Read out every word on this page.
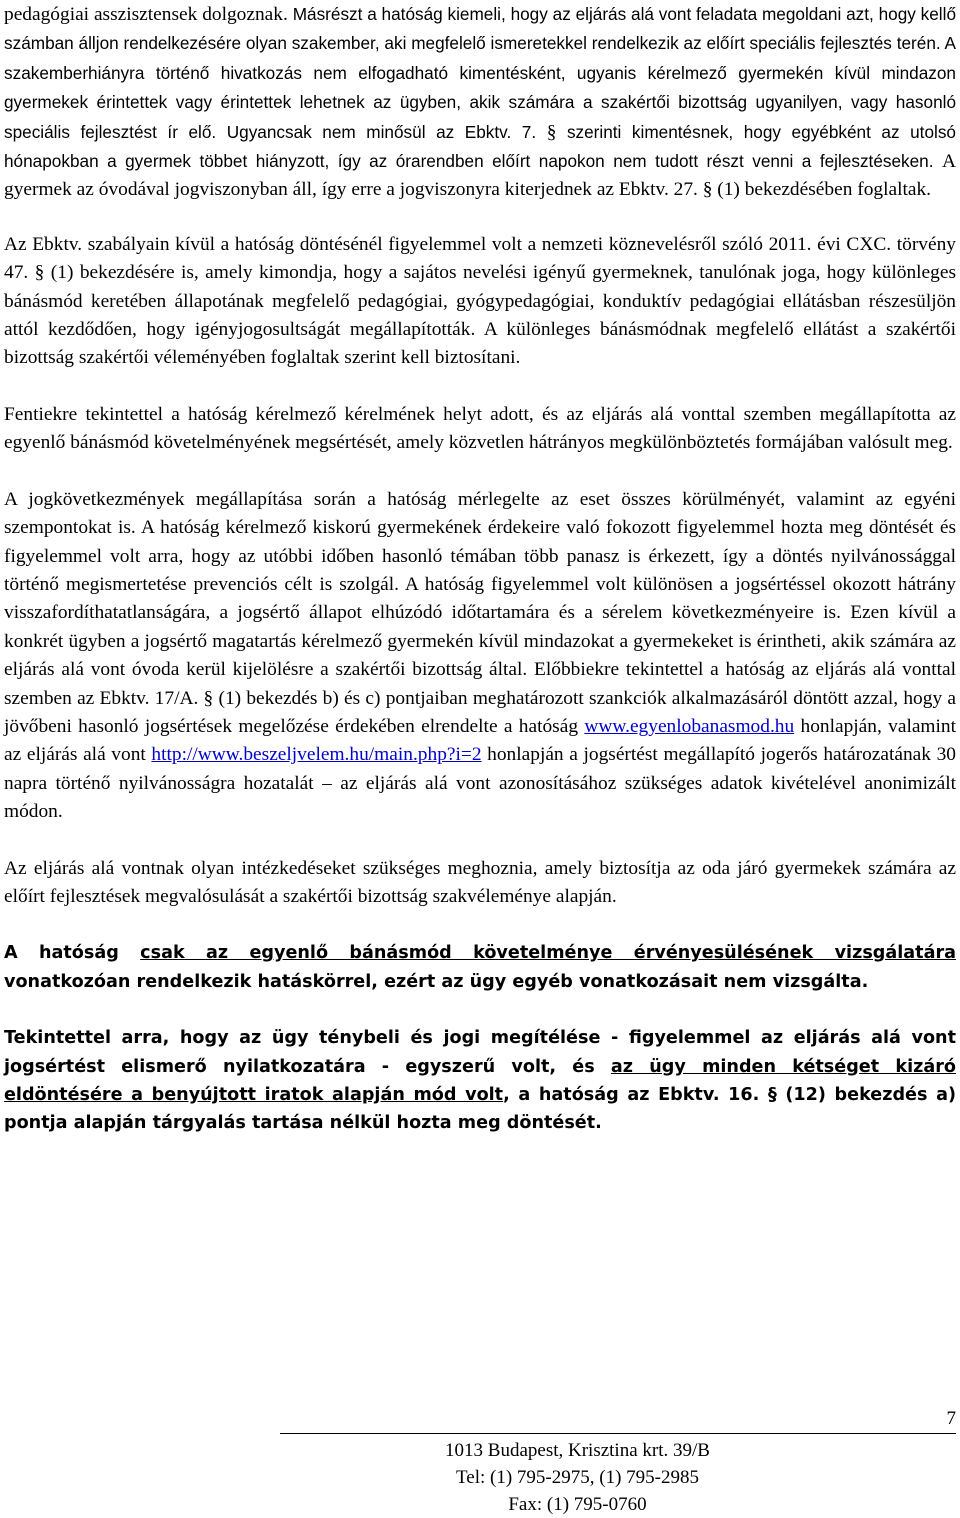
pedagógiai asszisztensek dolgoznak. Másrészt a hatóság kiemeli, hogy az eljárás alá vont feladata megoldani azt, hogy kellő számban álljon rendelkezésére olyan szakember, aki megfelelő ismeretekkel rendelkezik az előírt speciális fejlesztés terén. A szakemberhiányra történő hivatkozás nem elfogadható kimentésként, ugyanis kérelmező gyermekén kívül mindazon gyermekek érintettek vagy érintettek lehetnek az ügyben, akik számára a szakértői bizottság ugyanilyen, vagy hasonló speciális fejlesztést ír elő. Ugyancsak nem minősül az Ebktv. 7. § szerinti kimentésnek, hogy egyébként az utolsó hónapokban a gyermek többet hiányzott, így az órarendben előírt napokon nem tudott részt venni a fejlesztéseken. A gyermek az óvodával jogviszonyban áll, így erre a jogviszonyra kiterjednek az Ebktv. 27. § (1) bekezdésében foglaltak.

Az Ebktv. szabályain kívül a hatóság döntésénél figyelemmel volt a nemzeti köznevelésről szóló 2011. évi CXC. törvény 47. § (1) bekezdésére is, amely kimondja, hogy a sajátos nevelési igényű gyermeknek, tanulónak joga, hogy különleges bánásmód keretében állapotának megfelelő pedagógiai, gyógypedagógiai, konduktív pedagógiai ellátásban részesüljön attól kezdődően, hogy igényjogosultságát megállapították. A különleges bánásmódnak megfelelő ellátást a szakértői bizottság szakértői véleményében foglaltak szerint kell biztosítani.

Fentiekre tekintettel a hatóság kérelmező kérelmének helyt adott, és az eljárás alá vonttal szemben megállapította az egyenlő bánásmód követelményének megsértését, amely közvetlen hátrányos megkülönböztetés formájában valósult meg.

A jogkövetkezmények megállapítása során a hatóság mérlegelte az eset összes körülményét, valamint az egyéni szempontokat is. A hatóság kérelmező kiskorú gyermekének érdekeire való fokozott figyelemmel hozta meg döntését és figyelemmel volt arra, hogy az utóbbi időben hasonló témában több panasz is érkezett, így a döntés nyilvánossággal történő megismertetése prevenciós célt is szolgál. A hatóság figyelemmel volt különösen a jogsértéssel okozott hátrány visszafordíthatatlanságára, a jogsértő állapot elhúzódó időtartamára és a sérelem következményeire is. Ezen kívül a konkrét ügyben a jogsértő magatartás kérelmező gyermekén kívül mindazokat a gyermekeket is érintheti, akik számára az eljárás alá vont óvoda kerül kijelölésre a szakértői bizottság által. Előbbiekre tekintettel a hatóság az eljárás alá vonttal szemben az Ebktv. 17/A. § (1) bekezdés b) és c) pontjaiban meghatározott szankciók alkalmazásáról döntött azzal, hogy a jövőbeni hasonló jogsértések megelőzése érdekében elrendelte a hatóság www.egyenlobanasmod.hu honlapján, valamint az eljárás alá vont http://www.beszeljvelem.hu/main.php?i=2 honlapján a jogsértést megállapító jogerős határozatának 30 napra történő nyilvánosságra hozatalát – az eljárás alá vont azonosításához szükséges adatok kivételével anonimizált módon.

Az eljárás alá vontnak olyan intézkedéseket szükséges meghoznia, amely biztosítja az oda járó gyermekek számára az előírt fejlesztések megvalósulását a szakértői bizottság szakvéleménye alapján.

A hatóság csak az egyenlő bánásmód követelménye érvényesülésének vizsgálatára vonatkozóan rendelkezik hatáskörrel, ezért az ügy egyéb vonatkozásait nem vizsgálta.

Tekintettel arra, hogy az ügy ténybeli és jogi megítélése - figyelemmel az eljárás alá vont jogsértést elismerő nyilatkozatára - egyszerű volt, és az ügy minden kétséget kizáró eldöntésére a benyújtott iratok alapján mód volt, a hatóság az Ebktv. 16. § (12) bekezdés a) pontja alapján tárgyalás tartása nélkül hozta meg döntését.

7
1013 Budapest, Krisztina krt. 39/B
Tel: (1) 795-2975, (1) 795-2985
Fax: (1) 795-0760
